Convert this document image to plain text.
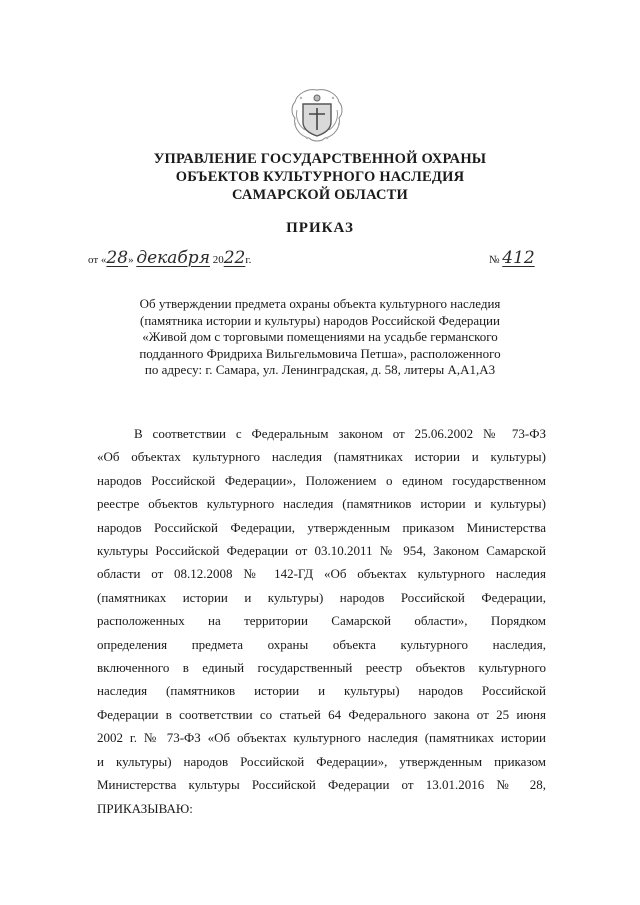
УПРАВЛЕНИЕ ГОСУДАРСТВЕННОЙ ОХРАНЫ
ОБЪЕКТОВ КУЛЬТУРНОГО НАСЛЕДИЯ
САМАРСКОЙ ОБЛАСТИ
ПРИКАЗ
от «28» декабря 2022г.	№ 412
Об утверждении предмета охраны объекта культурного наследия
(памятника истории и культуры) народов Российской Федерации
«Живой дом с торговыми помещениями на усадьбе германского
подданного Фридриха Вильгельмовича Петша», расположенного
по адресу: г. Самара, ул. Ленинградская, д. 58, литеры А,А1,А3
В соответствии с Федеральным законом от 25.06.2002 № 73-ФЗ
«Об объектах культурного наследия (памятниках истории и культуры)
народов Российской Федерации», Положением о едином государственном
реестре объектов культурного наследия (памятников истории и культуры)
народов Российской Федерации, утвержденным приказом Министерства
культуры Российской Федерации от 03.10.2011 № 954, Законом Самарской
области от 08.12.2008 № 142-ГД «Об объектах культурного наследия
(памятниках истории и культуры) народов Российской Федерации,
расположенных на территории Самарской области», Порядком
определения предмета охраны объекта культурного наследия,
включенного в единый государственный реестр объектов культурного
наследия (памятников истории и культуры) народов Российской
Федерации в соответствии со статьей 64 Федерального закона от 25 июня
2002 г. № 73-ФЗ «Об объектах культурного наследия (памятниках истории
и культуры) народов Российской Федерации», утвержденным приказом
Министерства культуры Российской Федерации от 13.01.2016 № 28,
ПРИКАЗЫВАЮ:
